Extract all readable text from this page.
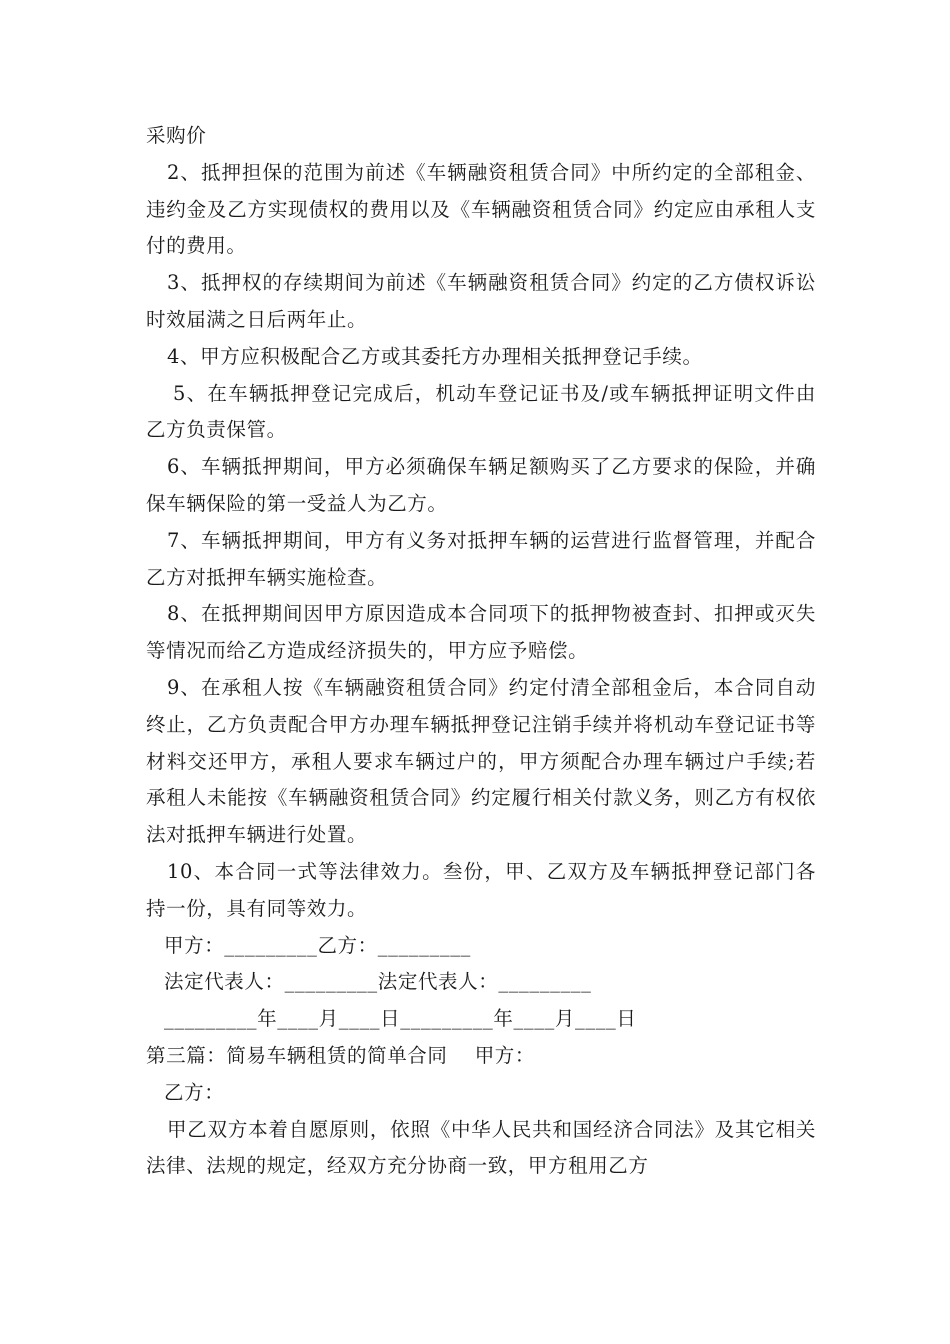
采购价

2、抵押担保的范围为前述《车辆融资租赁合同》中所约定的全部租金、违约金及乙方实现债权的费用以及《车辆融资租赁合同》约定应由承租人支付的费用。

3、抵押权的存续期间为前述《车辆融资租赁合同》约定的乙方债权诉讼时效届满之日后两年止。

4、甲方应积极配合乙方或其委托方办理相关抵押登记手续。

5、在车辆抵押登记完成后，机动车登记证书及/或车辆抵押证明文件由乙方负责保管。

6、车辆抵押期间，甲方必须确保车辆足额购买了乙方要求的保险，并确保车辆保险的第一受益人为乙方。

7、车辆抵押期间，甲方有义务对抵押车辆的运营进行监督管理，并配合乙方对抵押车辆实施检查。

8、在抵押期间因甲方原因造成本合同项下的抵押物被查封、扣押或灭失等情况而给乙方造成经济损失的，甲方应予赔偿。

9、在承租人按《车辆融资租赁合同》约定付清全部租金后，本合同自动终止，乙方负责配合甲方办理车辆抵押登记注销手续并将机动车登记证书等材料交还甲方，承租人要求车辆过户的，甲方须配合办理车辆过户手续;若承租人未能按《车辆融资租赁合同》约定履行相关付款义务，则乙方有权依法对抵押车辆进行处置。

10、本合同一式等法律效力。叁份，甲、乙双方及车辆抵押登记部门各持一份，具有同等效力。

甲方：_________乙方：_________

法定代表人：_________法定代表人：_________

_________年____月____日_________年____月____日

第三篇：简易车辆租赁的简单合同    甲方：

乙方：

甲乙双方本着自愿原则，依照《中华人民共和国经济合同法》及其它相关法律、法规的规定，经双方充分协商一致，甲方租用乙方
